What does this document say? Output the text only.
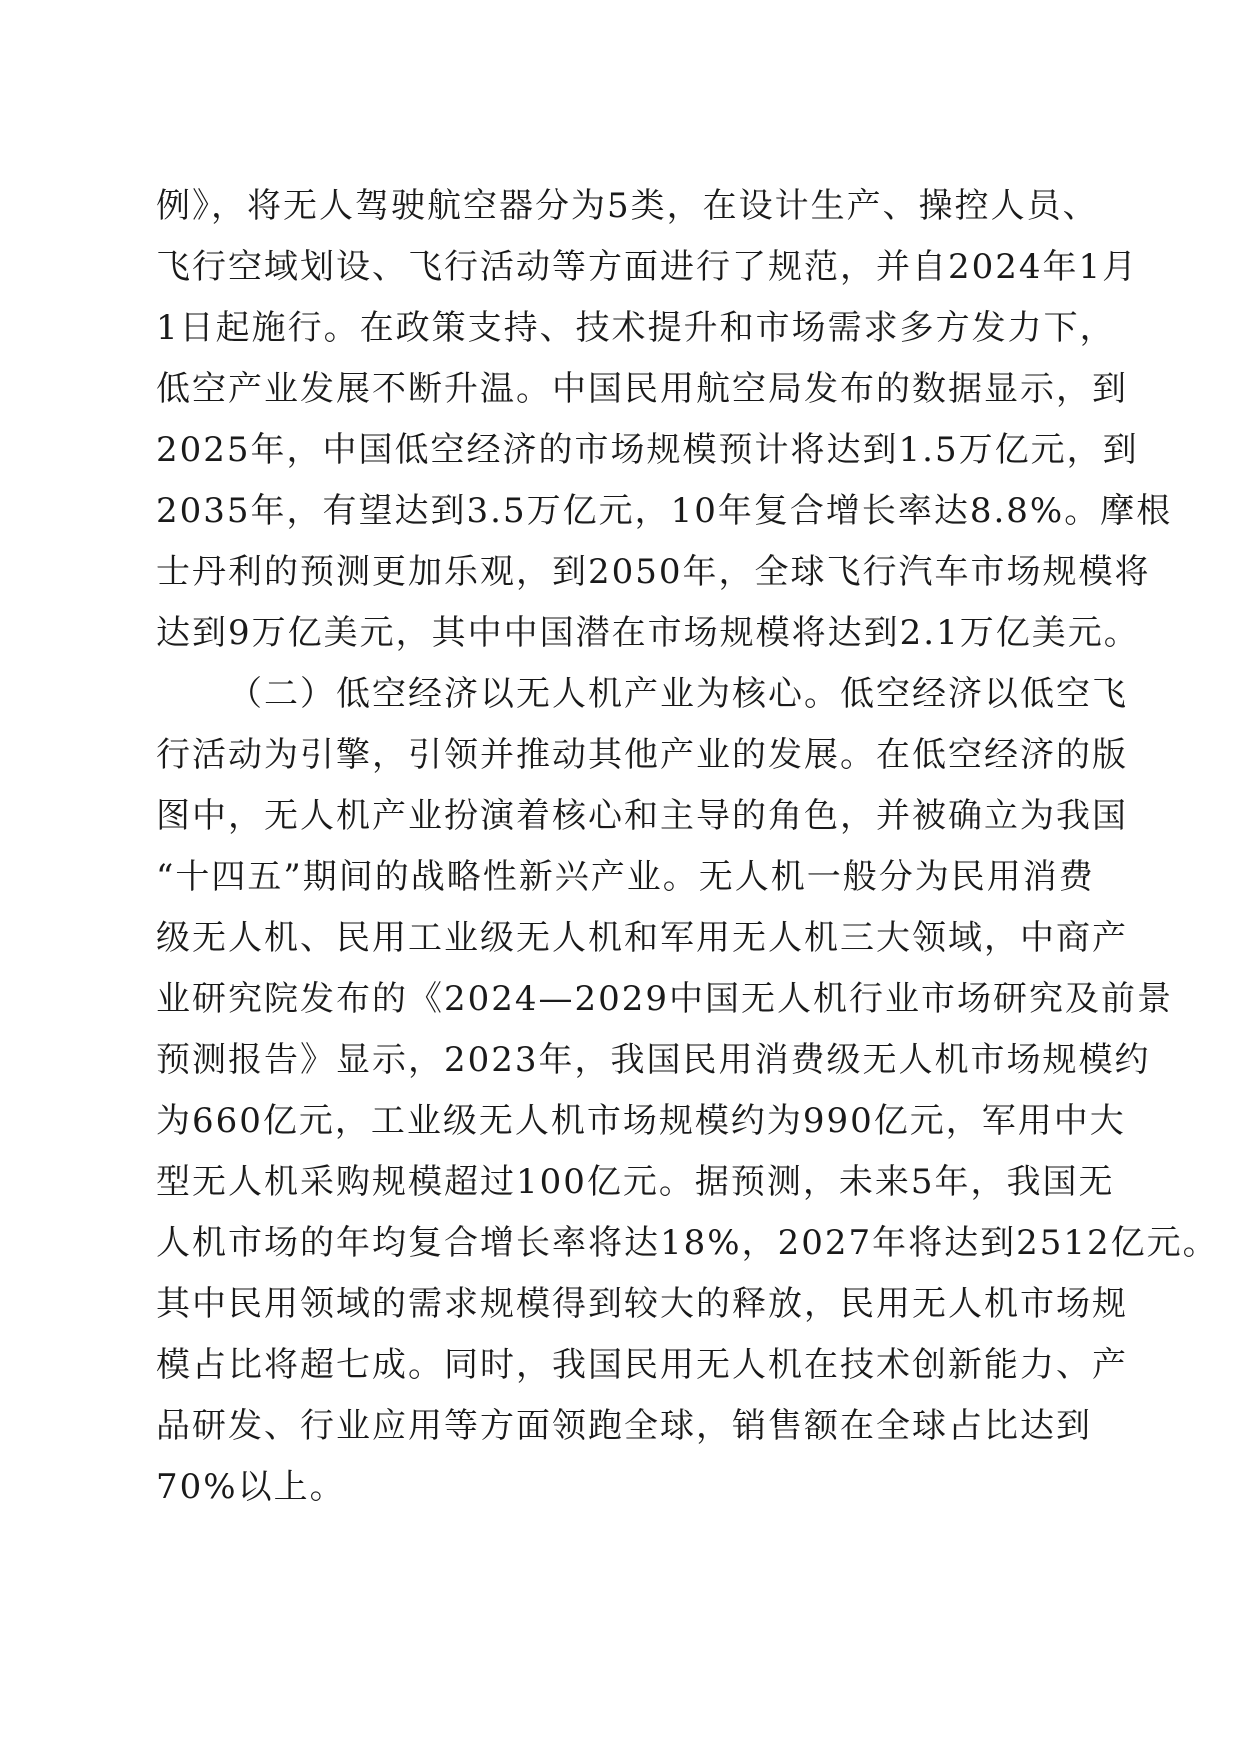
例》，将无人驾驶航空器分为5类，在设计生产、操控人员、
飞行空域划设、飞行活动等方面进行了规范，并自2024年1月
1日起施行。在政策支持、技术提升和市场需求多方发力下，
低空产业发展不断升温。中国民用航空局发布的数据显示，到
2025年，中国低空经济的市场规模预计将达到1.5万亿元，到
2035年，有望达到3.5万亿元，10年复合增长率达8.8%。摩根
士丹利的预测更加乐观，到2050年，全球飞行汽车市场规模将
达到9万亿美元，其中中国潜在市场规模将达到2.1万亿美元。
（二）低空经济以无人机产业为核心。低空经济以低空飞
行活动为引擎，引领并推动其他产业的发展。在低空经济的版
图中，无人机产业扮演着核心和主导的角色，并被确立为我国
“十四五”期间的战略性新兴产业。无人机一般分为民用消费
级无人机、民用工业级无人机和军用无人机三大领域，中商产
业研究院发布的《2024—2029中国无人机行业市场研究及前景
预测报告》显示，2023年，我国民用消费级无人机市场规模约
为660亿元，工业级无人机市场规模约为990亿元，军用中大
型无人机采购规模超过100亿元。据预测，未来5年，我国无
人机市场的年均复合增长率将达18%，2027年将达到2512亿元。
其中民用领域的需求规模得到较大的释放，民用无人机市场规
模占比将超七成。同时，我国民用无人机在技术创新能力、产
品研发、行业应用等方面领跑全球，销售额在全球占比达到
70%以上。
